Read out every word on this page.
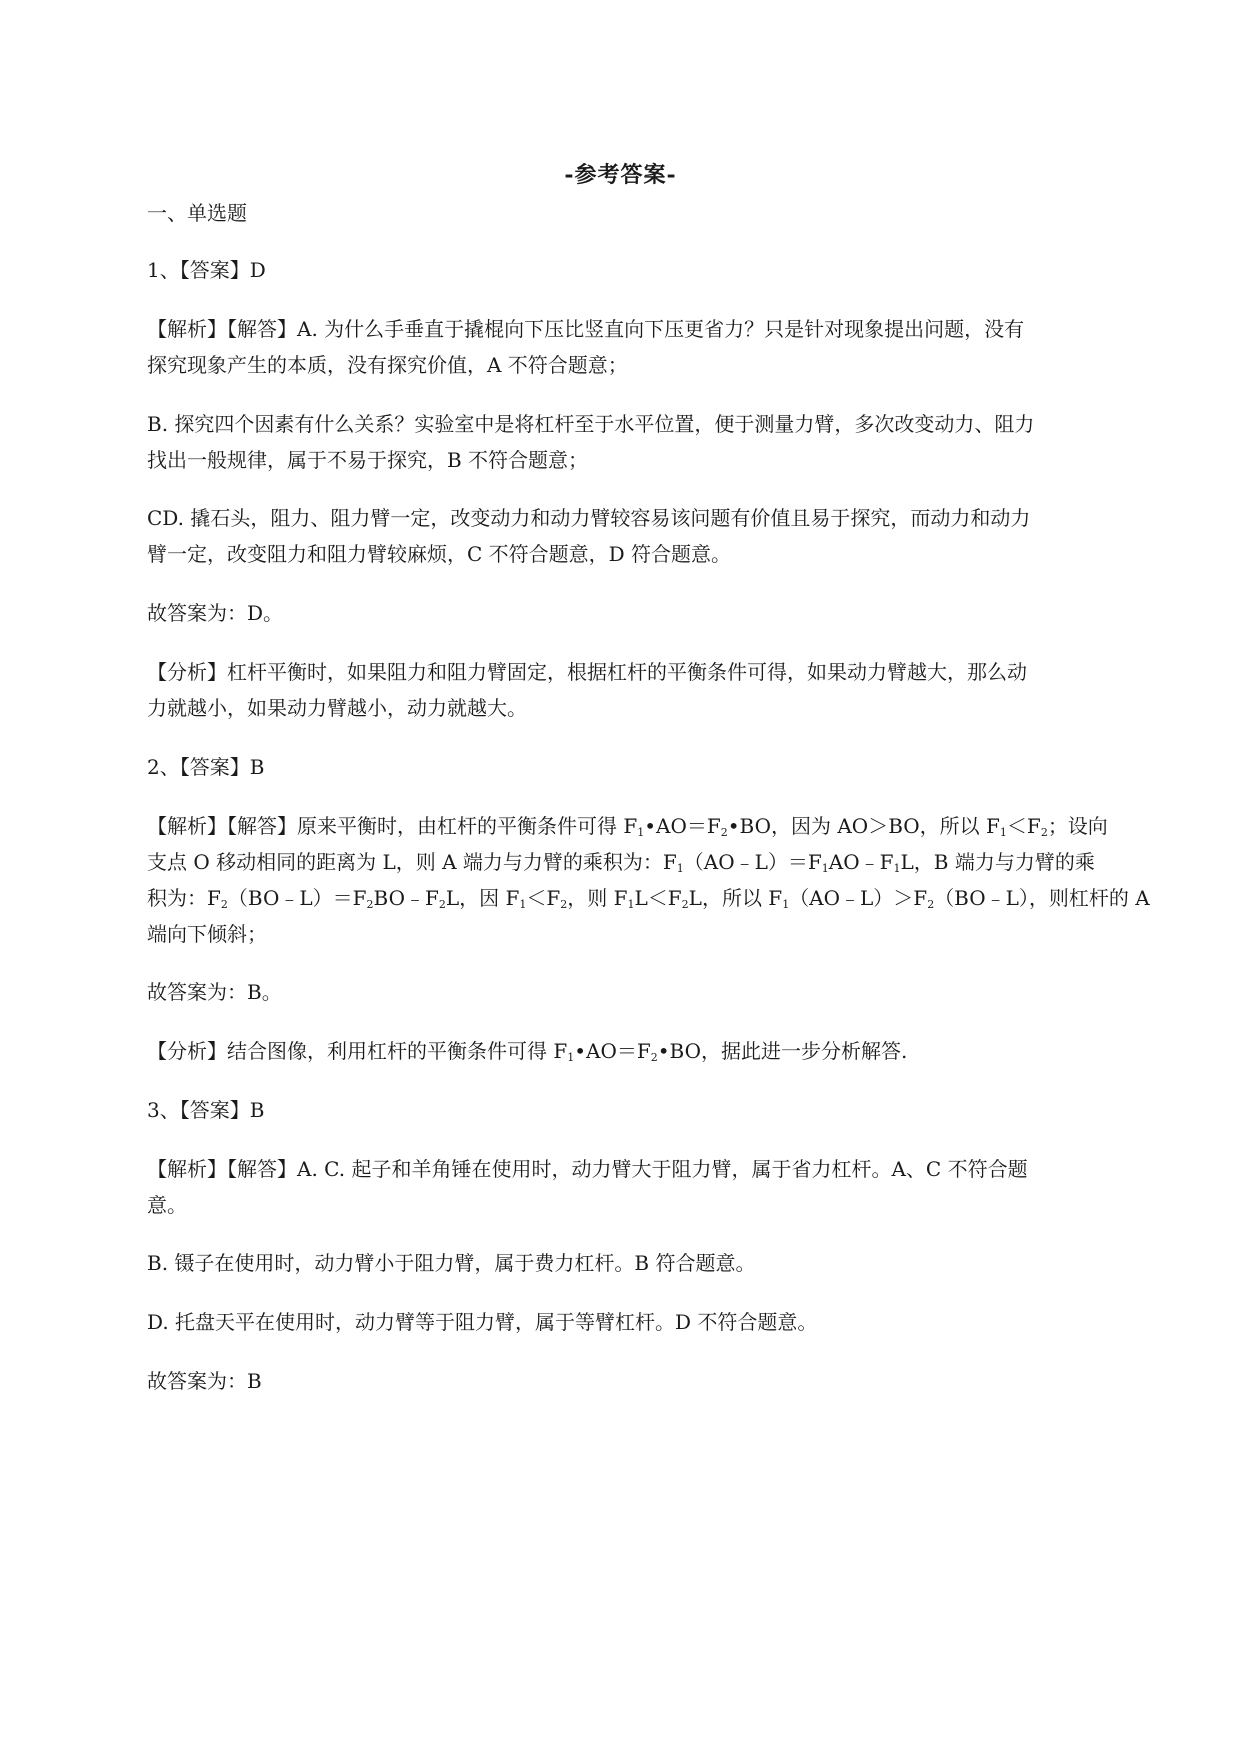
-参考答案-
一、单选题
1、【答案】D
【解析】【解答】A. 为什么手垂直于撬棍向下压比竖直向下压更省力？只是针对现象提出问题，没有
探究现象产生的本质，没有探究价值，A 不符合题意；
B. 探究四个因素有什么关系？实验室中是将杠杆至于水平位置，便于测量力臂，多次改变动力、阻力
找出一般规律，属于不易于探究，B 不符合题意；
CD. 撬石头，阻力、阻力臂一定，改变动力和动力臂较容易该问题有价值且易于探究，而动力和动力
臂一定，改变阻力和阻力臂较麻烦，C 不符合题意，D 符合题意。
故答案为：D。
【分析】杠杆平衡时，如果阻力和阻力臂固定，根据杠杆的平衡条件可得，如果动力臂越大，那么动
力就越小，如果动力臂越小，动力就越大。
2、【答案】B
【解析】【解答】原来平衡时，由杠杆的平衡条件可得 $F_1•AO=F_2•BO$，因为 AO＞BO，所以 $F_1<F_2$；设向
支点 O 移动相同的距离为 L，则 A 端力与力臂的乘积为：$F_1(AO﹣L)=F_1AO﹣F_1L$，B 端力与力臂的乘
积为：$F_2(BO﹣L)=F_2BO﹣F_2L$，因 $F_1<F_2$，则 $F_1L<F_2L$，所以 $F_1(AO﹣L)>F_2(BO﹣L)$，则杠杆的 A
端向下倾斜；
故答案为：B。
【分析】结合图像，利用杠杆的平衡条件可得 $F_1•AO=F_2•BO$，据此进一步分析解答.
3、【答案】B
【解析】【解答】A. C. 起子和羊角锤在使用时，动力臂大于阻力臂，属于省力杠杆。A、C 不符合题
意。
B. 镊子在使用时，动力臂小于阻力臂，属于费力杠杆。B 符合题意。
D. 托盘天平在使用时，动力臂等于阻力臂，属于等臂杠杆。D 不符合题意。
故答案为：B
